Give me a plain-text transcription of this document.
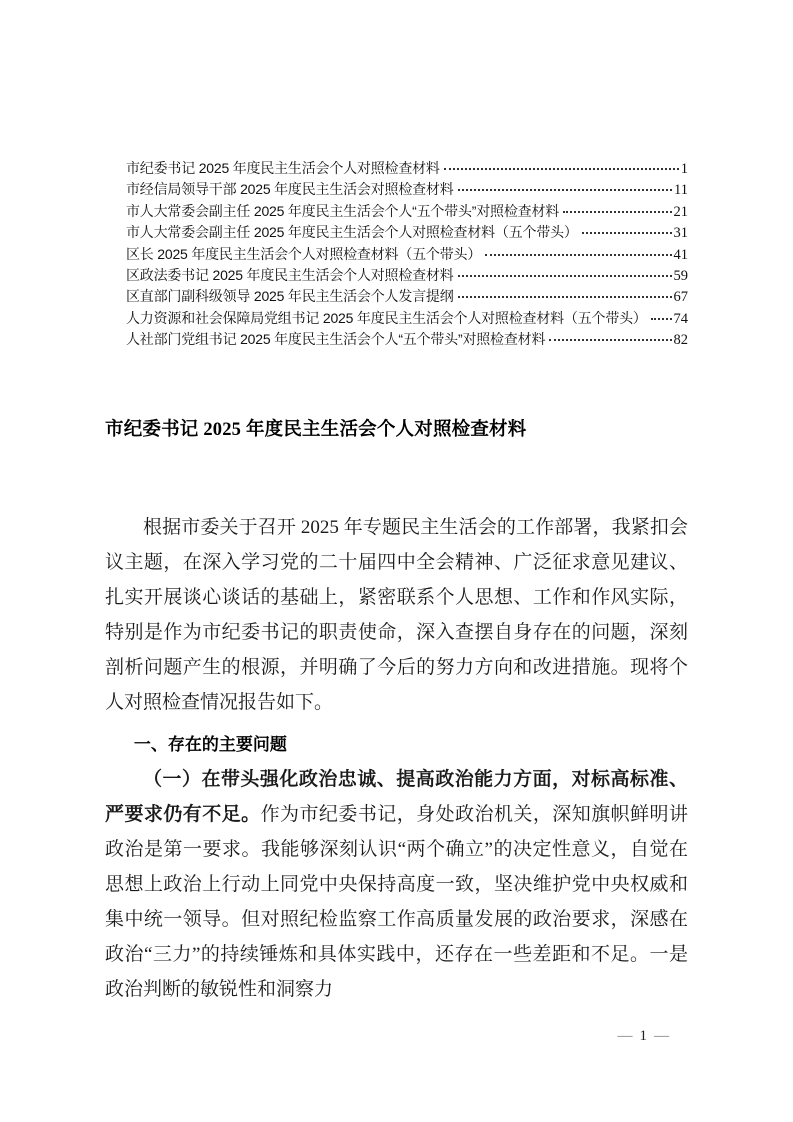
市纪委书记 2025 年度民主生活会个人对照检查材料	1
市经信局领导干部 2025 年度民主生活会对照检查材料	11
市人大常委会副主任 2025 年度民主生活会个人“五个带头”对照检查材料	21
市人大常委会副主任 2025 年度民主生活会个人对照检查材料（五个带头）	31
区长 2025 年度民主生活会个人对照检查材料（五个带头）	41
区政法委书记 2025 年度民主生活会个人对照检查材料	59
区直部门副科级领导 2025 年民主生活会个人发言提纲	67
人力资源和社会保障局党组书记 2025 年度民主生活会个人对照检查材料（五个带头） 74
人社部门党组书记 2025 年度民主生活会个人“五个带头”对照检查材料	82
市纪委书记 2025 年度民主生活会个人对照检查材料

根据市委关于召开 2025 年专题民主生活会的工作部署，我紧扣会议主题，在深入学习党的二十届四中全会精神、广泛征求意见建议、扎实开展谈心谈话的基础上，紧密联系个人思想、工作和作风实际，特别是作为市纪委书记的职责使命，深入查摆自身存在的问题，深刻剖析问题产生的根源，并明确了今后的努力方向和改进措施。现将个人对照检查情况报告如下。

一、存在的主要问题

（一）在带头强化政治忠诚、提高政治能力方面，对标高标准、严要求仍有不足。作为市纪委书记，身处政治机关，深知旗帜鲜明讲政治是第一要求。我能够深刻认识“两个确立”的决定性意义，自觉在思想上政治上行动上同党中央保持高度一致，坚决维护党中央权威和集中统一领导。但对照纪检监察工作高质量发展的政治要求，深感在政治“三力”的持续锤炼和具体实践中，还存在一些差距和不足。一是政治判断的敏锐性和洞察力

— 1 —
